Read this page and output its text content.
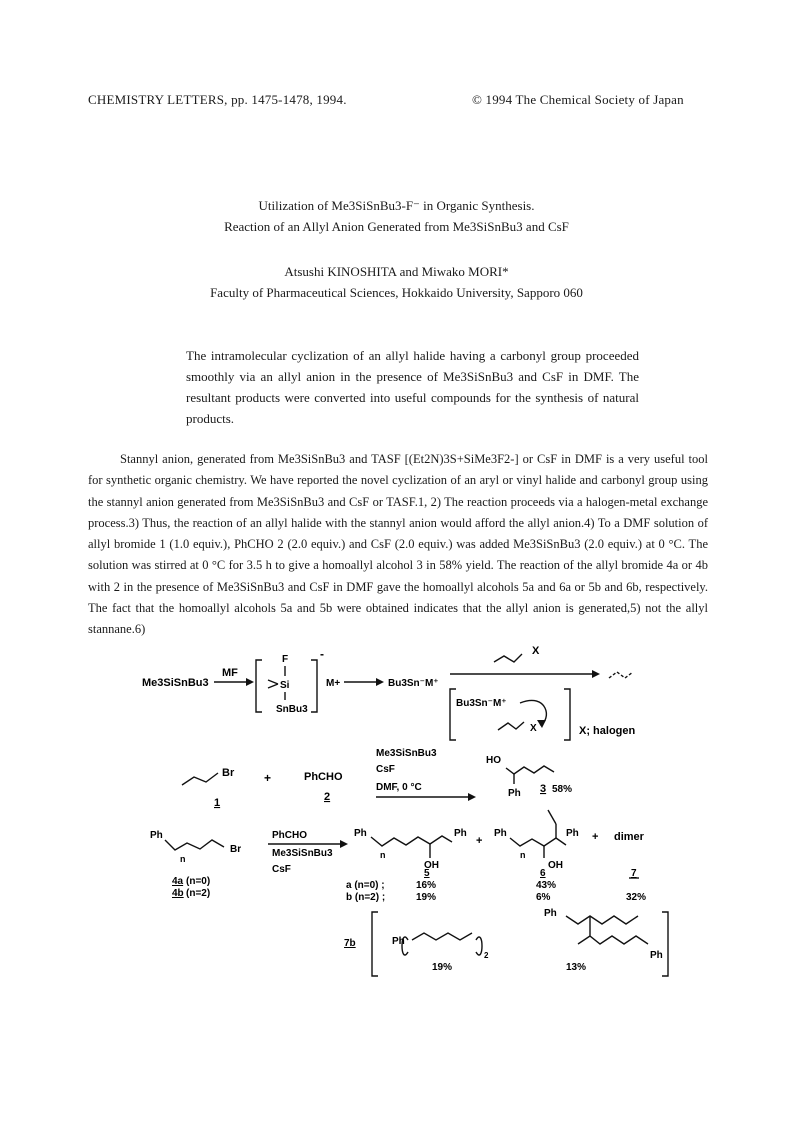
CHEMISTRY LETTERS, pp. 1475-1478, 1994.	© 1994 The Chemical Society of Japan
Utilization of Me3SiSnBu3-F⁻ in Organic Synthesis.
Reaction of an Allyl Anion Generated from Me3SiSnBu3 and CsF
Atsushi KINOSHITA and Miwako MORI*
Faculty of Pharmaceutical Sciences, Hokkaido University, Sapporo 060
The intramolecular cyclization of an allyl halide having a carbonyl group proceeded smoothly via an allyl anion in the presence of Me3SiSnBu3 and CsF in DMF. The resultant products were converted into useful compounds for the synthesis of natural products.

Stannyl anion, generated from Me3SiSnBu3 and TASF [(Et2N)3S+SiMe3F2-] or CsF in DMF is a very useful tool for synthetic organic chemistry. We have reported the novel cyclization of an aryl or vinyl halide and carbonyl group using the stannyl anion generated from Me3SiSnBu3 and CsF or TASF.1, 2) The reaction proceeds via a halogen-metal exchange process.3) Thus, the reaction of an allyl halide with the stannyl anion would afford the allyl anion.4) To a DMF solution of allyl bromide 1 (1.0 equiv.), PhCHO 2 (2.0 equiv.) and CsF (2.0 equiv.) was added Me3SiSnBu3 (2.0 equiv.) at 0 °C. The solution was stirred at 0 °C for 3.5 h to give a homoallyl alcohol 3 in 58% yield. The reaction of the allyl bromide 4a or 4b with 2 in the presence of Me3SiSnBu3 and CsF in DMF gave the homoallyl alcohols 5a and 6a or 5b and 6b, respectively. The fact that the homoallyl alcohols 5a and 5b were obtained indicates that the allyl anion is generated,5) not the allyl stannane.6)

Me3SiSnBu3
MF
F
Si
SnBu3
-
M+	Bu3Sn⁻M⁺
X
Bu3Sn⁻M⁺
X	X; halogen
Br +	PhCHO
Me3SiSnBu3
CsF
DMF, 0 °C
HO
Ph
1	2
3 58%
Ph
n
Br
PhCHO
Me3SiSnBu3
CsF
4a (n=0)
4b (n=2)
Ph
n
Ph
OH
+
Ph
n
Ph
OH
+ dimer
5	6	7
a (n=0) ;
b (n=2) ;
16%
19%
43%
6%	32%
7b	Ph
2
19%
Ph
Ph
13%
